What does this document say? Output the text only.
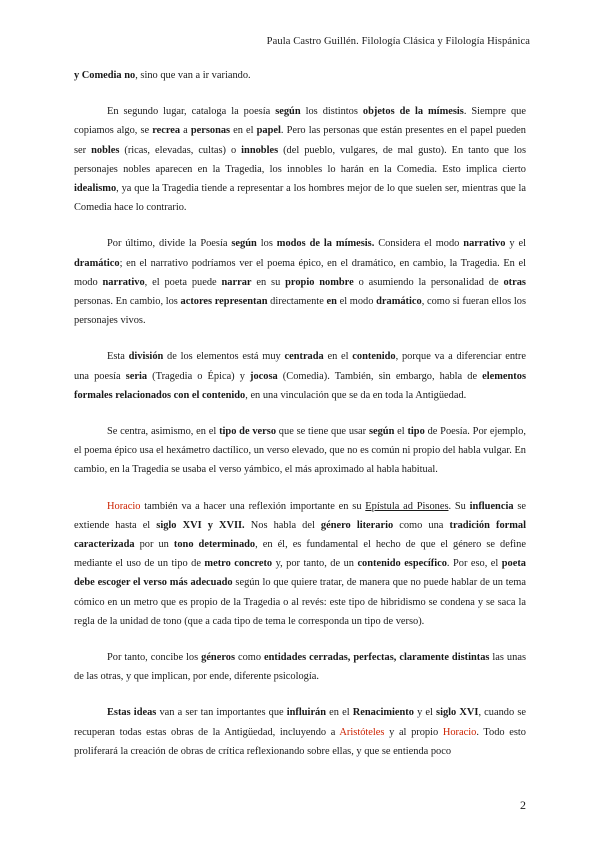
Paula Castro Guillén. Filología Clásica y Filología Hispánica

y Comedia no, sino que van a ir variando.

En segundo lugar, cataloga la poesía según los distintos objetos de la mímesis. Siempre que copiamos algo, se recrea a personas en el papel. Pero las personas que están presentes en el papel pueden ser nobles (ricas, elevadas, cultas) o innobles (del pueblo, vulgares, de mal gusto). En tanto que los personajes nobles aparecen en la Tragedia, los innobles lo harán en la Comedia. Esto implica cierto idealismo, ya que la Tragedia tiende a representar a los hombres mejor de lo que suelen ser, mientras que la Comedia hace lo contrario.

Por último, divide la Poesía según los modos de la mímesis. Considera el modo narrativo y el dramático; en el narrativo podríamos ver el poema épico, en el dramático, en cambio, la Tragedia. En el modo narrativo, el poeta puede narrar en su propio nombre o asumiendo la personalidad de otras personas. En cambio, los actores representan directamente en el modo dramático, como si fueran ellos los personajes vivos.

Esta división de los elementos está muy centrada en el contenido, porque va a diferenciar entre una poesía seria (Tragedia o Épica) y jocosa (Comedia). También, sin embargo, habla de elementos formales relacionados con el contenido, en una vinculación que se da en toda la Antigüedad.

Se centra, asimismo, en el tipo de verso que se tiene que usar según el tipo de Poesía. Por ejemplo, el poema épico usa el hexámetro dactílico, un verso elevado, que no es común ni propio del habla vulgar. En cambio, en la Tragedia se usaba el verso yámbico, el más aproximado al habla habitual.

Horacio también va a hacer una reflexión importante en su Epístula ad Pisones. Su influencia se extiende hasta el siglo XVI y XVII. Nos habla del género literario como una tradición formal caracterizada por un tono determinado, en él, es fundamental el hecho de que el género se define mediante el uso de un tipo de metro concreto y, por tanto, de un contenido específico. Por eso, el poeta debe escoger el verso más adecuado según lo que quiere tratar, de manera que no puede hablar de un tema cómico en un metro que es propio de la Tragedia o al revés: este tipo de hibridismo se condena y se saca la regla de la unidad de tono (que a cada tipo de tema le corresponda un tipo de verso).

Por tanto, concibe los géneros como entidades cerradas, perfectas, claramente distintas las unas de las otras, y que implican, por ende, diferente psicología.

Estas ideas van a ser tan importantes que influirán en el Renacimiento y el siglo XVI, cuando se recuperan todas estas obras de la Antigüedad, incluyendo a Aristóteles y al propio Horacio. Todo esto proliferará la creación de obras de crítica reflexionando sobre ellas, y que se entienda poco

2
